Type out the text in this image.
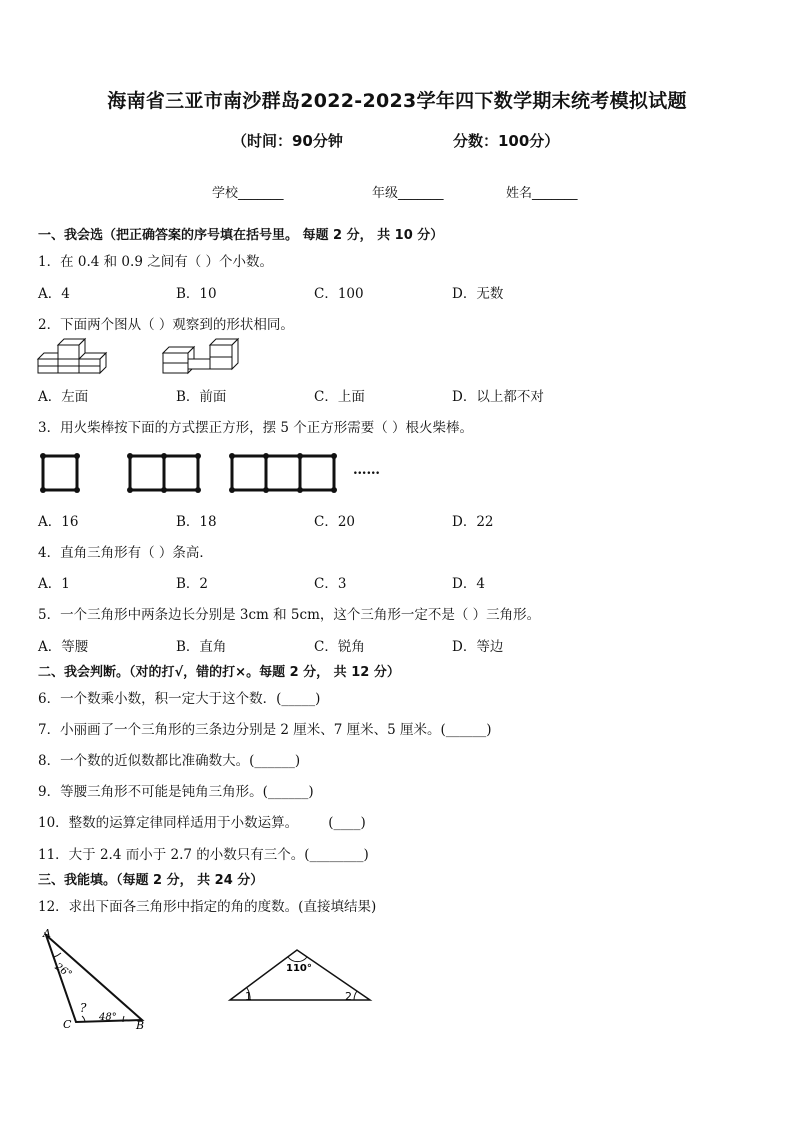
海南省三亚市南沙群岛2022-2023学年四下数学期末统考模拟试题
（时间：90分钟	分数：100分）
学校_______	年级_______	姓名_______
一、我会选（把正确答案的序号填在括号里。 每题 2 分， 共 10 分）
1．在 0.4 和 0.9 之间有（ ）个小数。
A．4	B．10	C．100	D．无数
2．下面两个图从（ ）观察到的形状相同。
A．左面	B．前面	C．上面	D．以上都不对
3．用火柴棒按下面的方式摆正方形，摆 5 个正方形需要（ ）根火柴棒。
……
A．16	B．18	C．20	D．22
4．直角三角形有（ ）条高．
A．1	B．2	C．3	D．4
5．一个三角形中两条边长分别是 3cm 和 5cm，这个三角形一定不是（ ）三角形。
A．等腰	B．直角	C．锐角	D．等边
二、我会判断。（对的打√，错的打×。每题 2 分， 共 12 分）
6．一个数乘小数，积一定大于这个数．(_____)
7．小丽画了一个三角形的三条边分别是 2 厘米、7 厘米、5 厘米。(______)
8．一个数的近似数都比准确数大。(______)
9．等腰三角形不可能是钝角三角形。(______)
10．整数的运算定律同样适用于小数运算。       (____)
11．大于 2.4 而小于 2.7 的小数只有三个。(________)
三、我能填。（每题 2 分， 共 24 分）
12．求出下面各三角形中指定的角的度数。(直接填结果)
A
B
C
26°
48°
?
110°
1	2
